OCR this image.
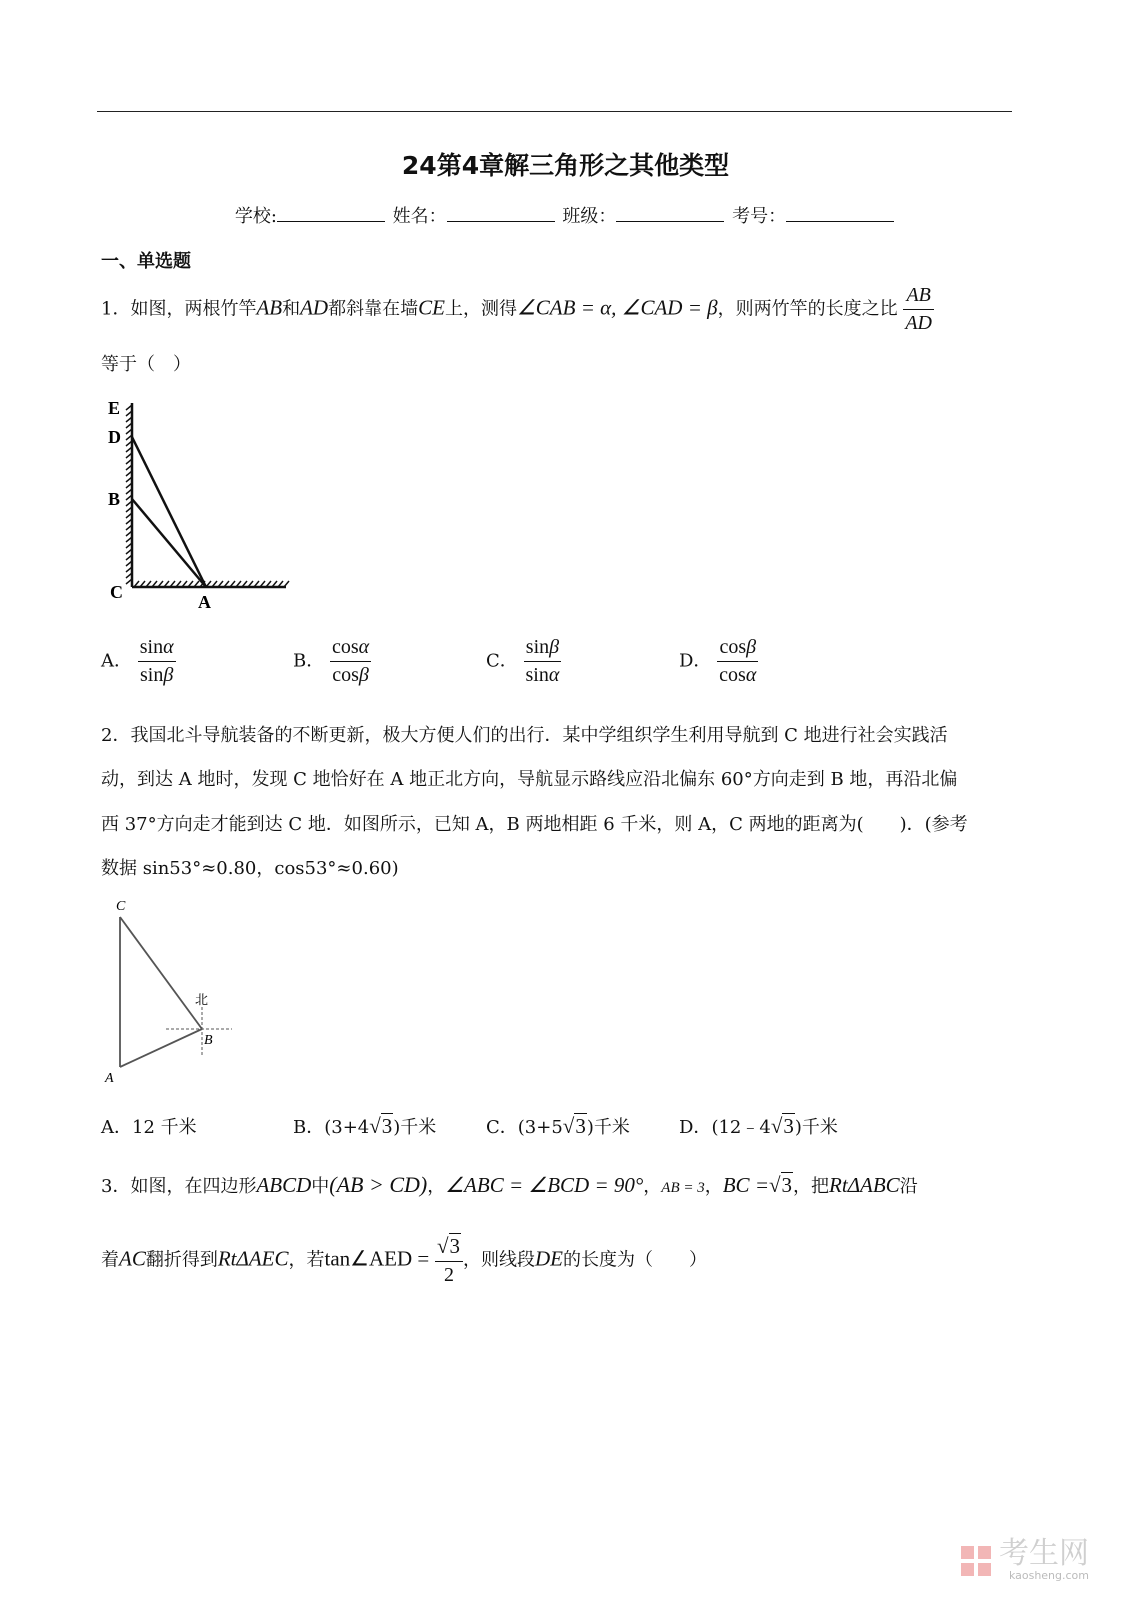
24第4章解三角形之其他类型
学校:	姓名：	班级：	考号：
一、单选题
1．如图，两根竹竿AB和AD都斜靠在墙CE上，测得∠CAB = α, ∠CAD = β，则两竹竿的长度之比 $\frac{AB}{AD}$
等于（　）
E
D
B
C	A
A． $\frac{\sin\alpha}{\sin\beta}$	B． $\frac{\cos\alpha}{\cos\beta}$	C． $\frac{\sin\beta}{\sin\alpha}$	D． $\frac{\cos\beta}{\cos\alpha}$
2．我国北斗导航装备的不断更新，极大方便人们的出行．某中学组织学生利用导航到 C 地进行社会实践活
动，到达 A 地时，发现 C 地恰好在 A 地正北方向，导航显示路线应沿北偏东 60°方向走到 B 地，再沿北偏
西 37°方向走才能到达 C 地．如图所示，已知 A，B 两地相距 6 千米，则 A，C 两地的距离为(　　)．(参考
数据 sin53°≈0.80，cos53°≈0.60)
C
北
B
A
A．12 千米	B．(3+4√3)千米	C．(3+5√3)千米	D．(12﹣4√3)千米
3．如图，在四边形ABCD中(AB > CD)，∠ABC = ∠BCD = 90°，AB = 3，BC =√3，把RtΔABC沿
着AC翻折得到RtΔAEC，若tan∠AED = $\frac{√3}{2}$ ，则线段DE的长度为（　　）
考生网
kaosheng.com
